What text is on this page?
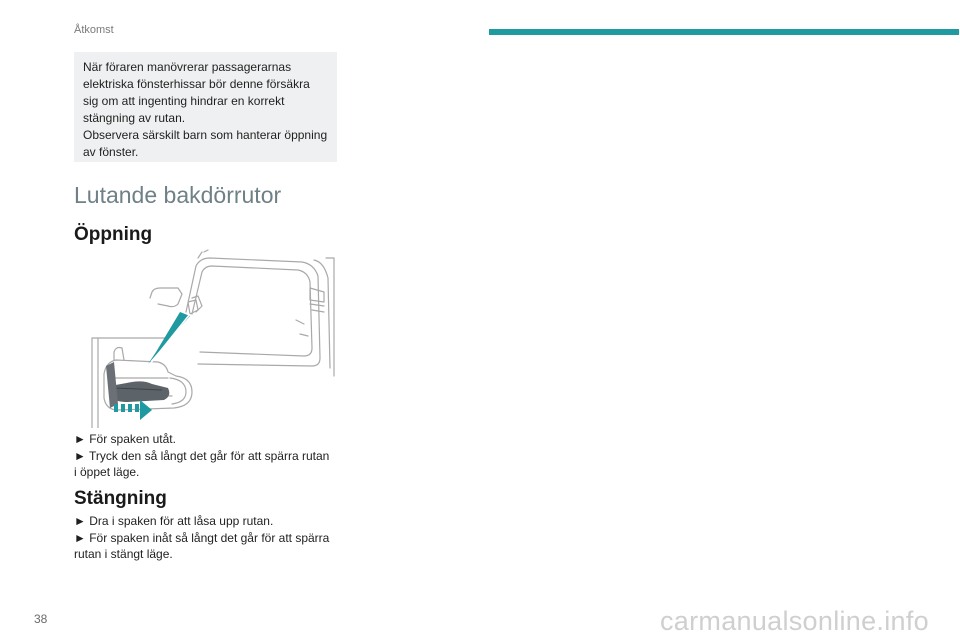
Åtkomst

När föraren manövrerar passagerarnas

elektriska fönsterhissar bör denne försäkra

sig om att ingenting hindrar en korrekt

stängning av rutan.

Observera särskilt barn som hanterar öppning

av fönster.

Lutande bakdörrutor
Öppning

► För spaken utåt.

► Tryck den så långt det går för att spärra rutan

i öppet läge.

Stängning

► Dra i spaken för att låsa upp rutan.

► För spaken inåt så långt det går för att spärra

rutan i stängt läge.

38	carmanualsonline.info
